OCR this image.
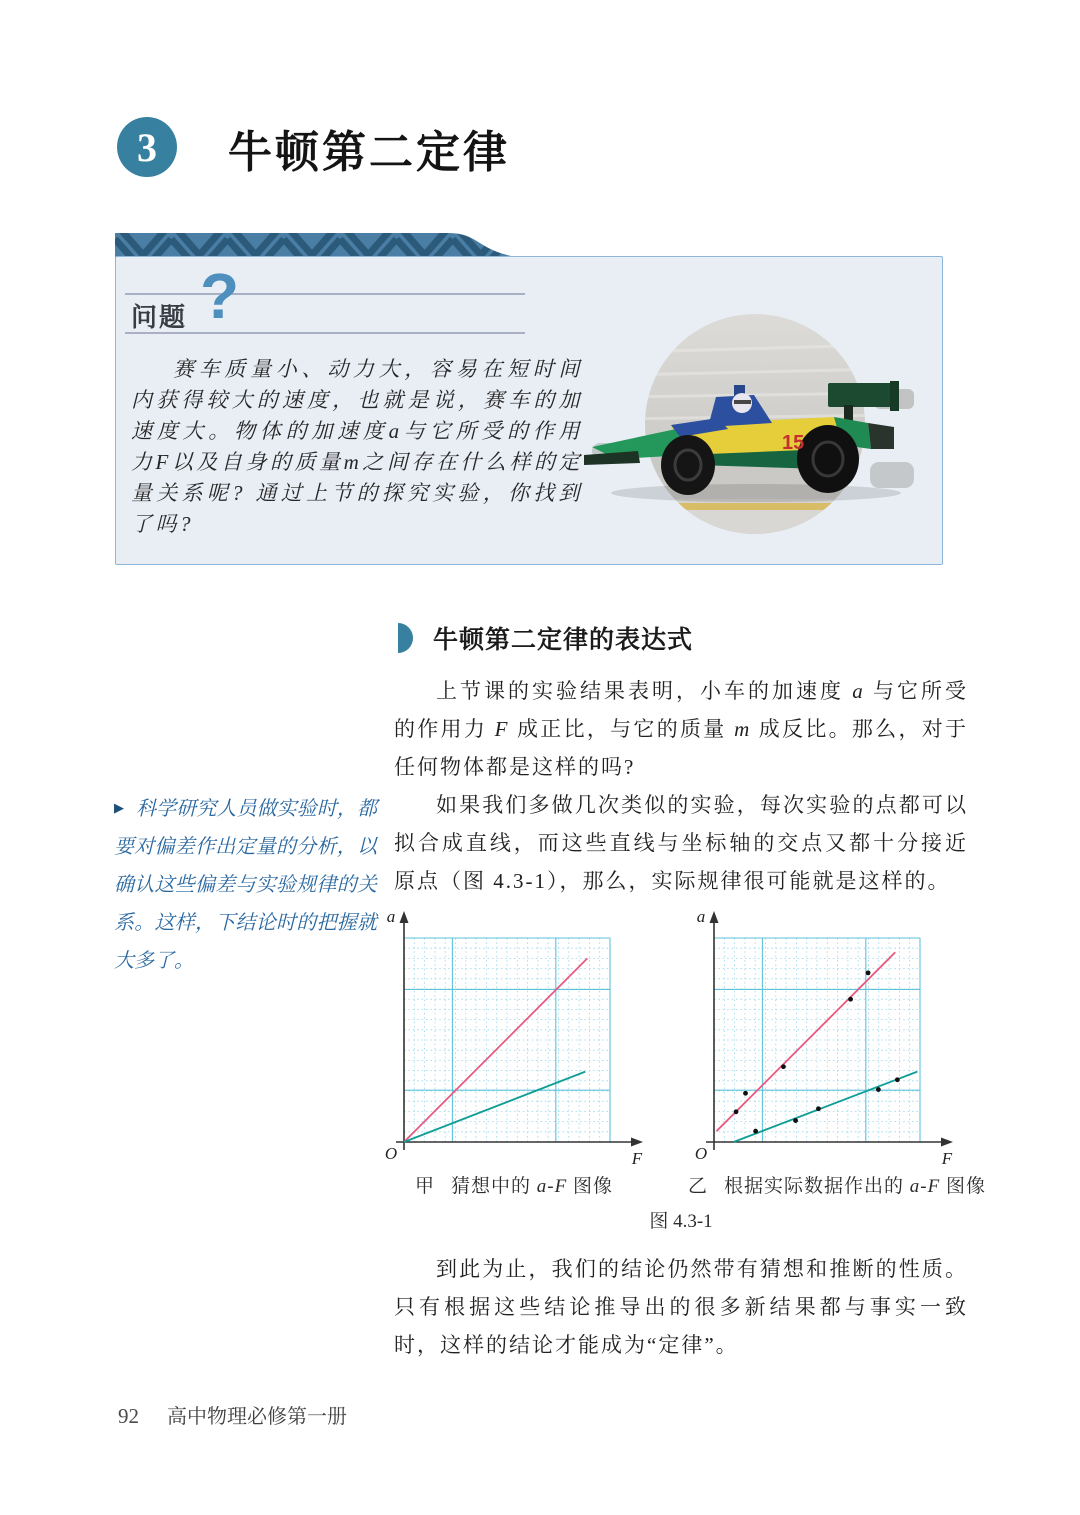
3 牛顿第二定律
问题 ?

赛车质量小、动力大，容易在短时间内获得较大的速度，也就是说，赛车的加速度大。物体的加速度a与它所受的作用力F以及自身的质量m之间存在什么样的定量关系呢? 通过上节的探究实验，你找到了吗?

15
牛顿第二定律的表达式

上节课的实验结果表明，小车的加速度 a 与它所受的作用力 F 成正比，与它的质量 m 成反比。那么，对于任何物体都是这样的吗?

如果我们多做几次类似的实验，每次实验的点都可以拟合成直线，而这些直线与坐标轴的交点又都十分接近原点（图 4.3-1），那么，实际规律很可能就是这样的。

▶ 科学研究人员做实验时，都要对偏差作出定量的分析，以确认这些偏差与实验规律的关系。这样，下结论时的把握就大多了。
a
F
O
甲 猜想中的 a-F 图像
a
F
O
乙 根据实际数据作出的 a-F 图像
图 4.3-1

到此为止，我们的结论仍然带有猜想和推断的性质。只有根据这些结论推导出的很多新结果都与事实一致时，这样的结论才能成为“定律”。

92 高中物理必修第一册
